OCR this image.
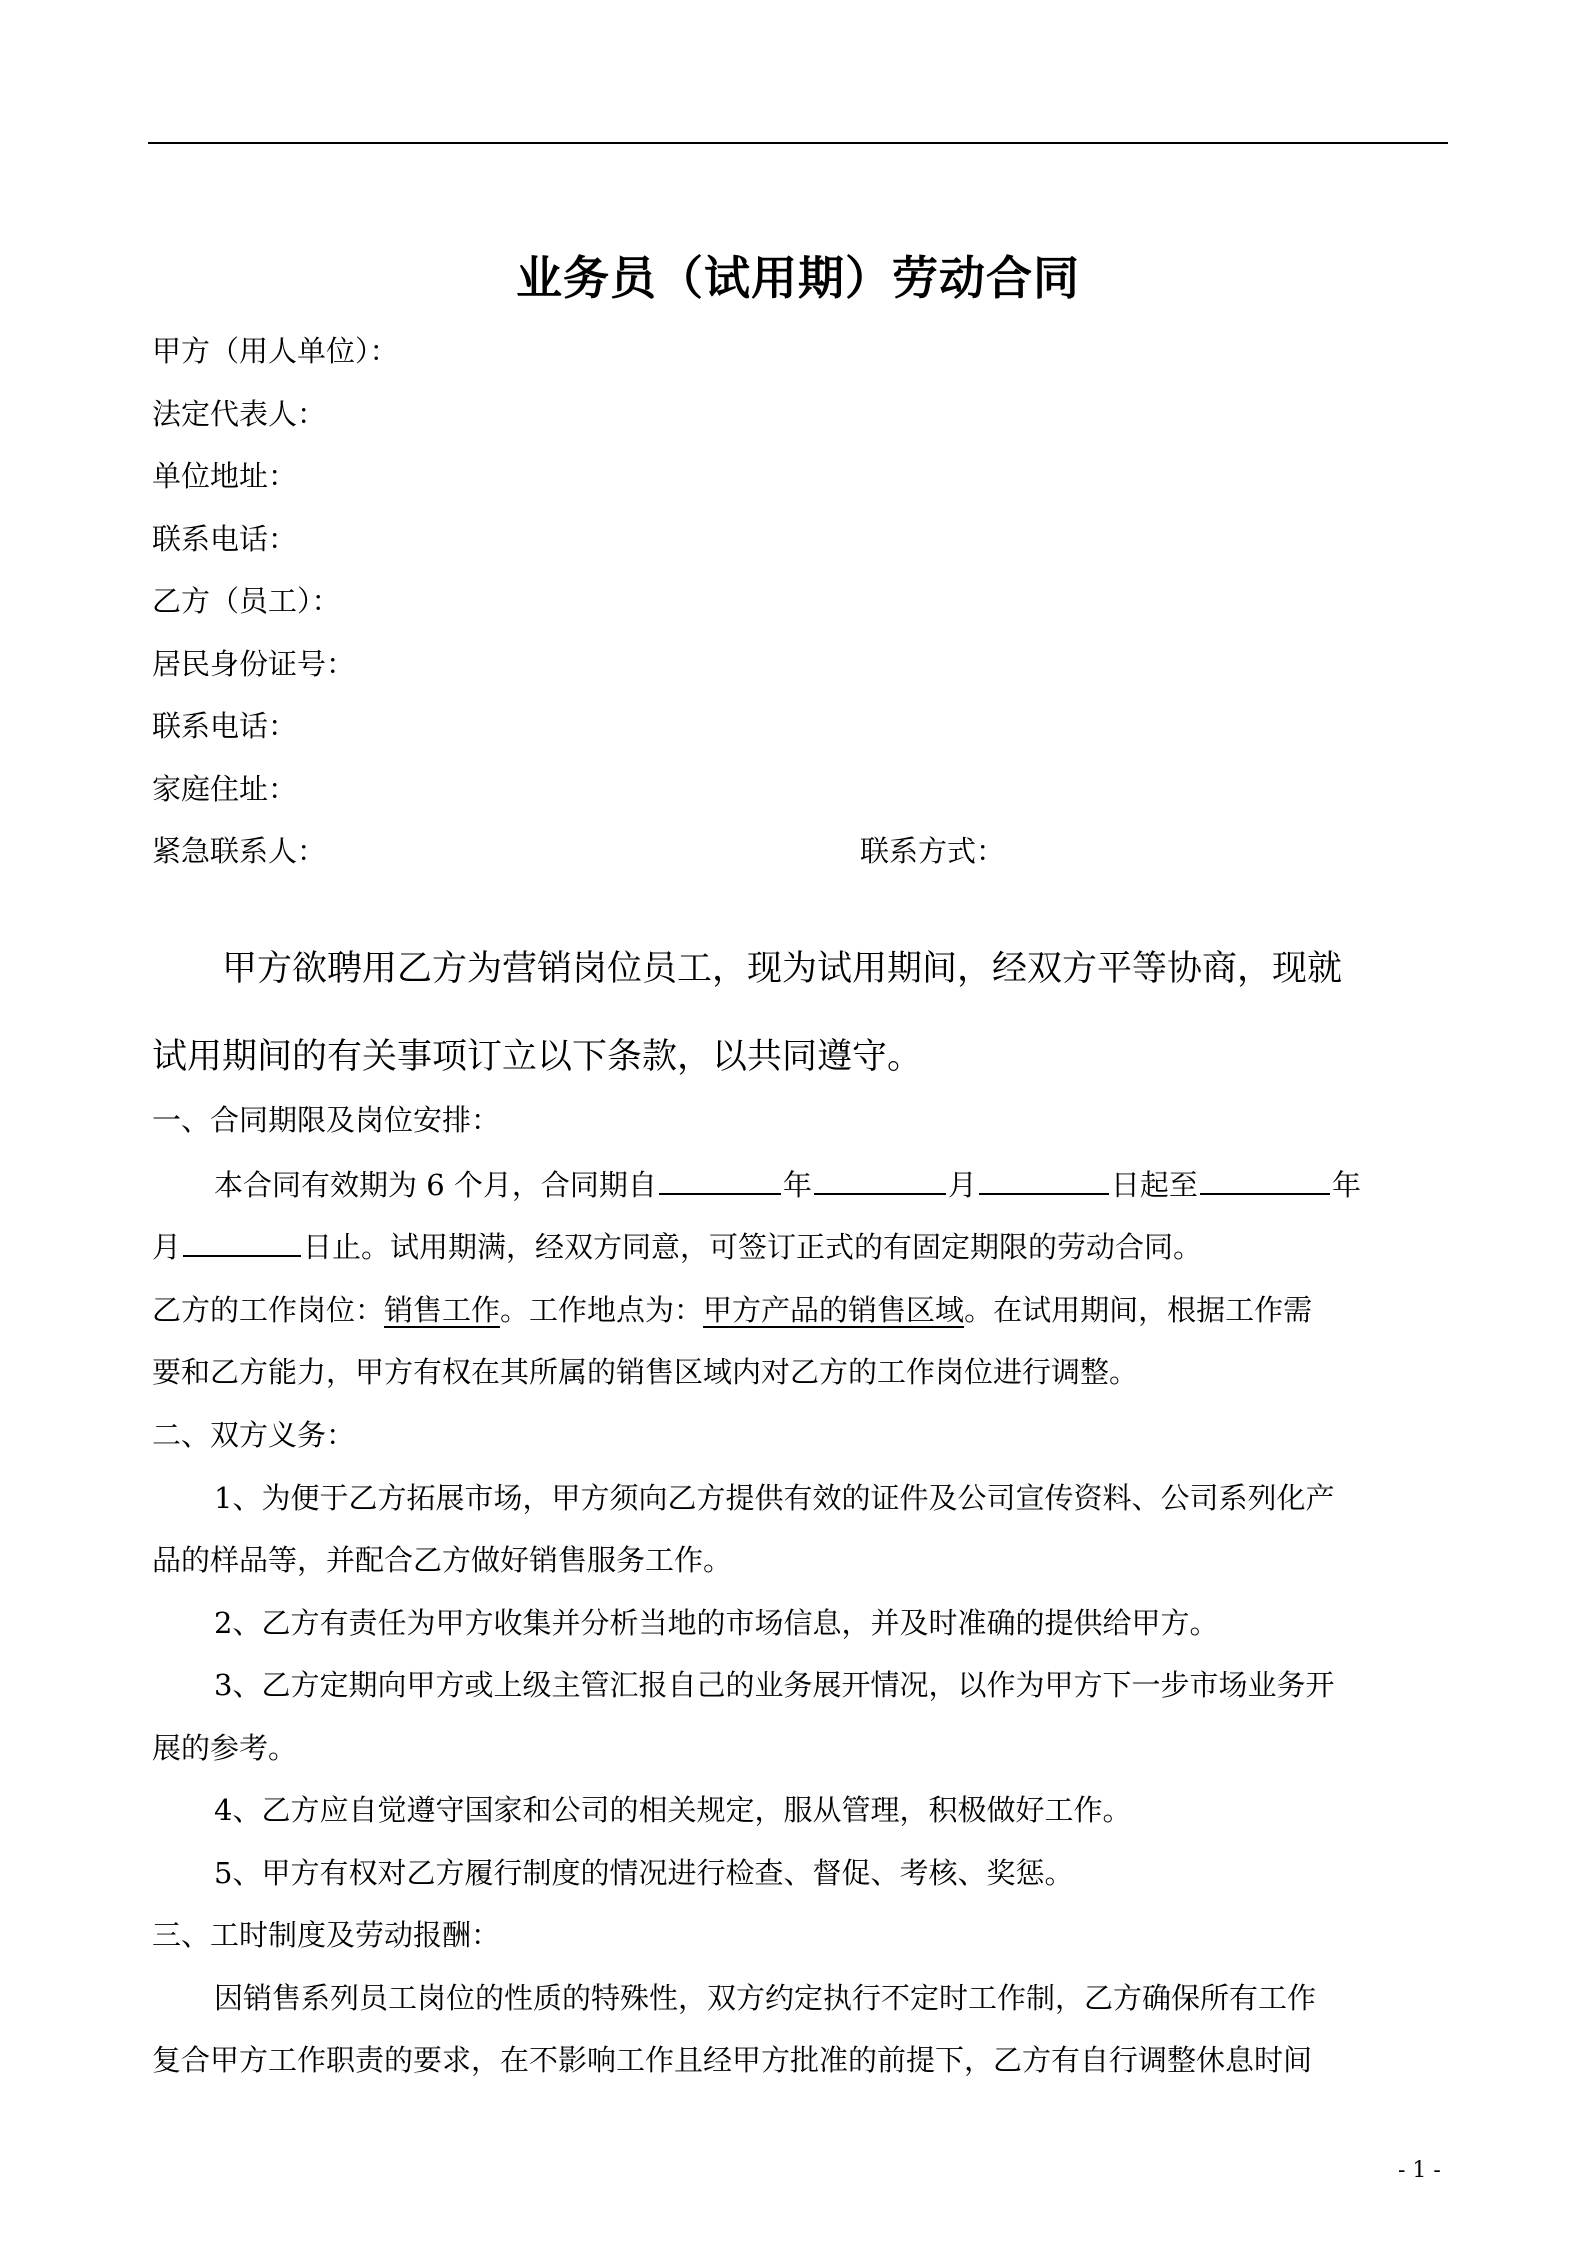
业务员（试用期）劳动合同
甲方（用人单位）：
法定代表人：
单位地址：
联系电话：
乙方（员工）：
居民身份证号：
联系电话：
家庭住址：
紧急联系人：	联系方式：
甲方欲聘用乙方为营销岗位员工，现为试用期间，经双方平等协商，现就
试用期间的有关事项订立以下条款，以共同遵守。
一、合同期限及岗位安排：
本合同有效期为 6 个月，合同期自	年	月	日起至	年
月	日止。试用期满，经双方同意，可签订正式的有固定期限的劳动合同。
乙方的工作岗位：销售工作。工作地点为：甲方产品的销售区域。在试用期间，根据工作需
要和乙方能力，甲方有权在其所属的销售区域内对乙方的工作岗位进行调整。
二、双方义务：
1、为便于乙方拓展市场，甲方须向乙方提供有效的证件及公司宣传资料、公司系列化产
品的样品等，并配合乙方做好销售服务工作。
2、乙方有责任为甲方收集并分析当地的市场信息，并及时准确的提供给甲方。
3、乙方定期向甲方或上级主管汇报自己的业务展开情况，以作为甲方下一步市场业务开
展的参考。
4、乙方应自觉遵守国家和公司的相关规定，服从管理，积极做好工作。
5、甲方有权对乙方履行制度的情况进行检查、督促、考核、奖惩。
三、工时制度及劳动报酬：
因销售系列员工岗位的性质的特殊性，双方约定执行不定时工作制，乙方确保所有工作
复合甲方工作职责的要求，在不影响工作且经甲方批准的前提下，乙方有自行调整休息时间
- 1 -
